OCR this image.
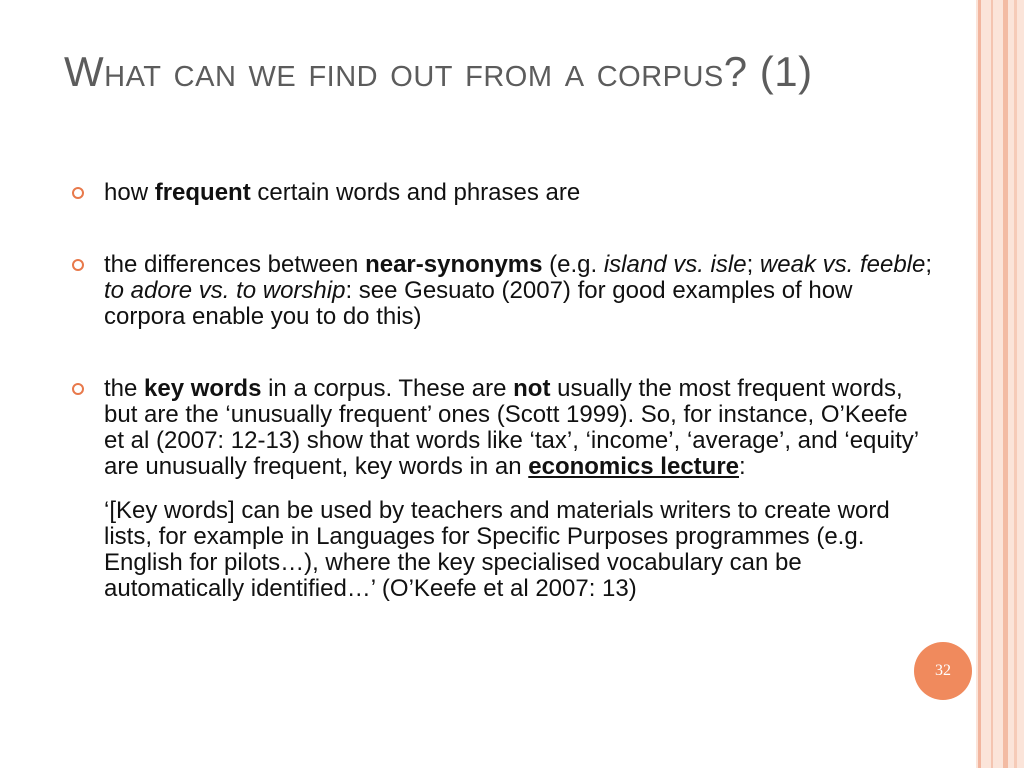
What can we find out from a corpus? (1)
how frequent certain words and phrases are
the differences between near-synonyms (e.g. island vs. isle; weak vs. feeble; to adore vs. to worship: see Gesuato (2007) for good examples of how corpora enable you to do this)
the key words in a corpus. These are not usually the most frequent words, but are the ‘unusually frequent’ ones (Scott 1999). So, for instance, O’Keefe et al (2007: 12-13) show that words like ‘tax’, ‘income’, ‘average’, and ‘equity’ are unusually frequent, key words in an economics lecture:
‘[Key words] can be used by teachers and materials writers to create word lists, for example in Languages for Specific Purposes programmes (e.g. English for pilots…), where the key specialised vocabulary can be automatically identified…’ (O’Keefe et al 2007: 13)
32
